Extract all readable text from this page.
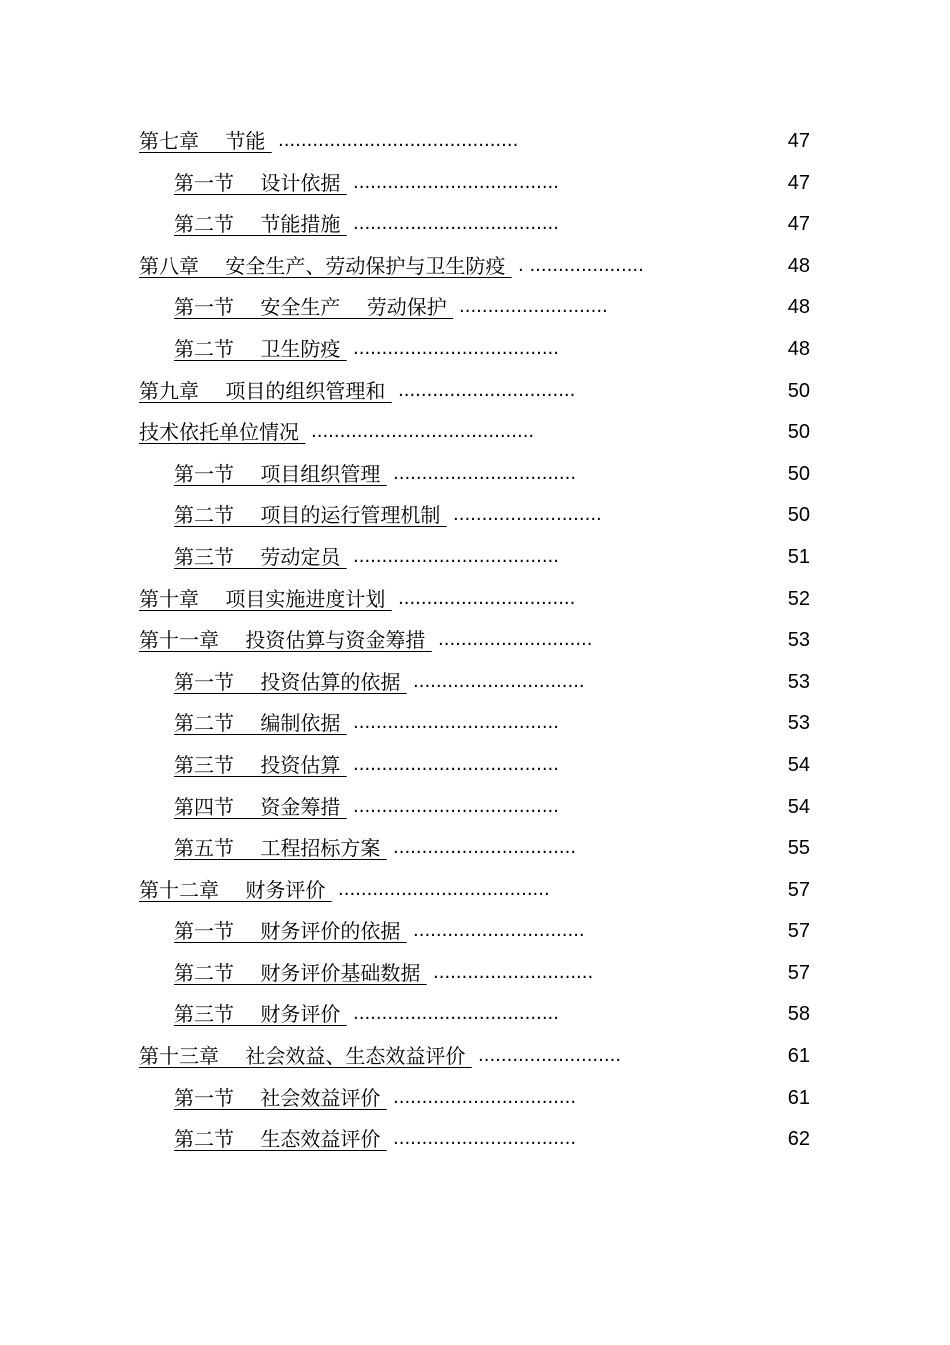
第七章　 节能 ..........................................	47
第一节　 设计依据 ....................................	47
第二节　 节能措施 ....................................	47
第八章　 安全生产、劳动保护与卫生防疫 . ....................	48
第一节　 安全生产　 劳动保护 ..........................	48
第二节　 卫生防疫 ....................................	48
第九章　 项目的组织管理和 ...............................	50
技术依托单位情况 .......................................	50
第一节　 项目组织管理 ................................	50
第二节　 项目的运行管理机制 ..........................	50
第三节　 劳动定员 ....................................	51
第十章　 项目实施进度计划 ...............................	52
第十一章　 投资估算与资金筹措 ...........................	53
第一节　 投资估算的依据 ..............................	53
第二节　 编制依据 ....................................	53
第三节　 投资估算 ....................................	54
第四节　 资金筹措 ....................................	54
第五节　 工程招标方案 ................................	55
第十二章　 财务评价 .....................................	57
第一节　 财务评价的依据 ..............................	57
第二节　 财务评价基础数据 ............................	57
第三节　 财务评价 ....................................	58
第十三章　 社会效益、生态效益评价 .........................	61
第一节　 社会效益评价 ................................	61
第二节　 生态效益评价 ................................	62
